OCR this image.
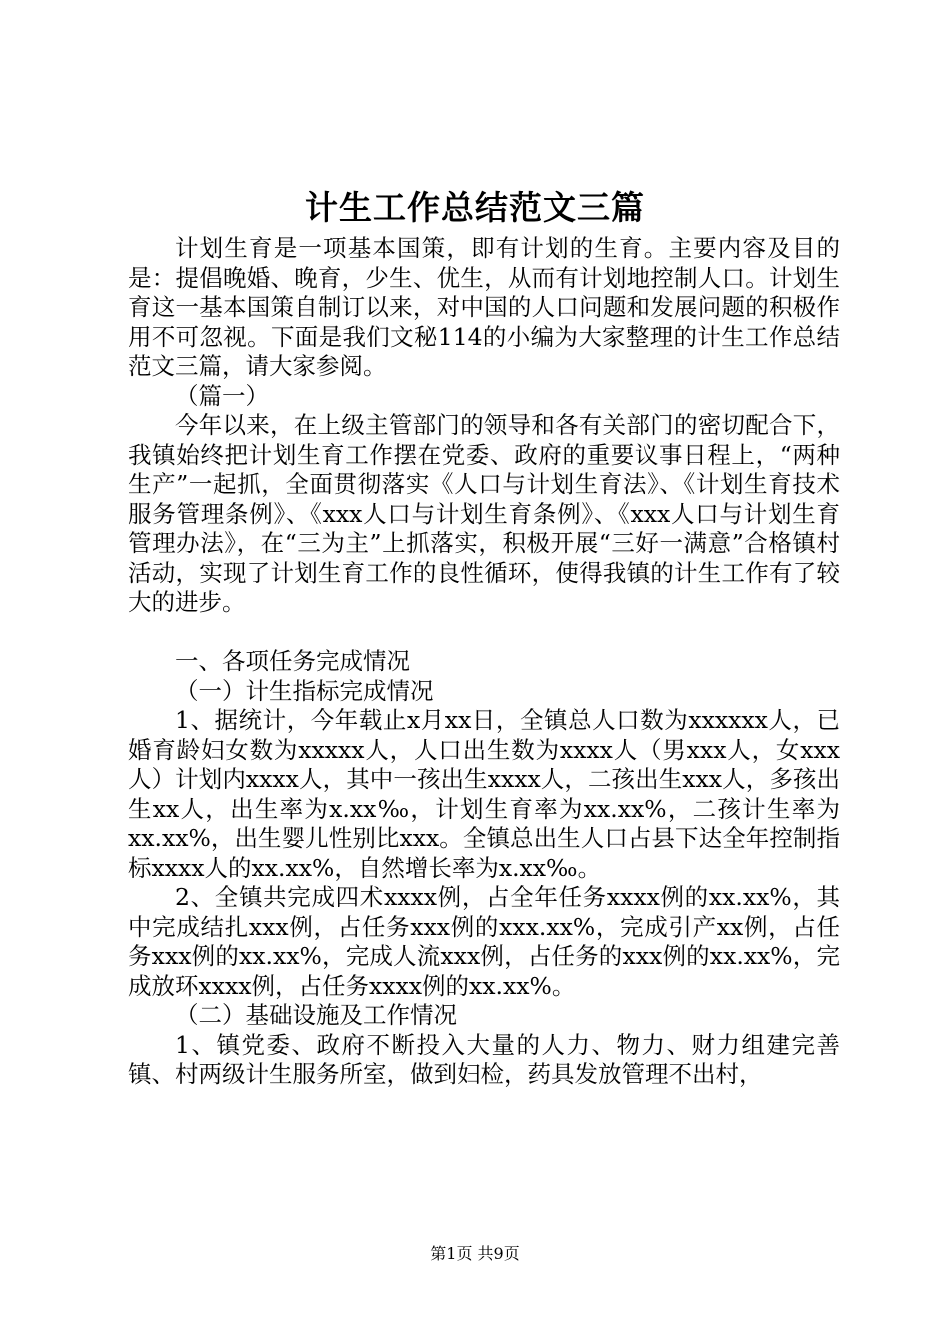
计生工作总结范文三篇

计划生育是一项基本国策，即有计划的生育。主要内容及目的是：提倡晚婚、晚育，少生、优生，从而有计划地控制人口。计划生育这一基本国策自制订以来，对中国的人口问题和发展问题的积极作用不可忽视。下面是我们文秘114的小编为大家整理的计生工作总结范文三篇，请大家参阅。

（篇一）

今年以来，在上级主管部门的领导和各有关部门的密切配合下，我镇始终把计划生育工作摆在党委、政府的重要议事日程上，“两种生产”一起抓，全面贯彻落实《人口与计划生育法》、《计划生育技术服务管理条例》、《xxx人口与计划生育条例》、《xxx人口与计划生育管理办法》，在“三为主”上抓落实，积极开展“三好一满意”合格镇村活动，实现了计划生育工作的良性循环，使得我镇的计生工作有了较大的进步。

一、各项任务完成情况

（一）计生指标完成情况

1、据统计，今年载止x月xx日，全镇总人口数为xxxxxx人，已婚育龄妇女数为xxxxx人，人口出生数为xxxx人（男xxx人，女xxx人）计划内xxxx人，其中一孩出生xxxx人，二孩出生xxx人，多孩出生xx人，出生率为x.xx‰，计划生育率为xx.xx%，二孩计生率为xx.xx%，出生婴儿性别比xxx。全镇总出生人口占县下达全年控制指标xxxx人的xx.xx%，自然增长率为x.xx‰。

2、全镇共完成四术xxxx例，占全年任务xxxx例的xx.xx%，其中完成结扎xxx例，占任务xxx例的xxx.xx%，完成引产xx例，占任务xxx例的xx.xx%，完成人流xxx例，占任务的xxx例的xx.xx%，完成放环xxxx例，占任务xxxx例的xx.xx%。

（二）基础设施及工作情况

1、镇党委、政府不断投入大量的人力、物力、财力组建完善镇、村两级计生服务所室，做到妇检，药具发放管理不出村，

第1页 共9页
